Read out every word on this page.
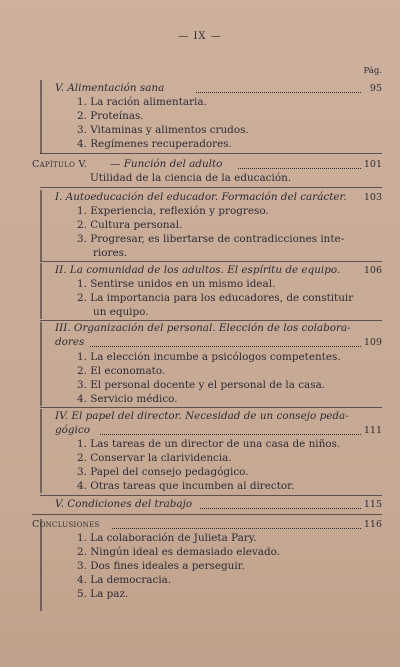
— IX —
Pág.
V. Alimentación sana	95
1. La ración alimentaria.
2. Proteínas.
3. Vitaminas y alimentos crudos.
4. Regímenes recuperadores.
Capítulo V. — Función del adulto	101
Utilidad de la ciencia de la educación.
I. Autoeducación del educador. Formación del carácter. 103
1. Experiencia, reflexión y progreso.
2. Cultura personal.
3. Progresar, es libertarse de contradicciones inte-
riores.
II. La comunidad de los adultos. El espíritu de equipo. 106
1. Sentirse unidos en un mismo ideal.
2. La importancia para los educadores, de constituir
un equipo.
III. Organización del personal. Elección de los colabora-
dores	109
1. La elección incumbe a psicólogos competentes.
2. El economato.
3. El personal docente y el personal de la casa.
4. Servicio médico.
IV. El papel del director. Necesidad de un consejo peda-
gógico	111
1. Las tareas de un director de una casa de niños.
2. Conservar la clarividencia.
3. Papel del consejo pedagógico.
4. Otras tareas que incumben al director.
V. Condiciones del trabajo	115
Conclusiones	116
1. La colaboración de Julieta Pary.
2. Ningún ideal es demasiado elevado.
3. Dos fines ideales a perseguir.
4. La democracia.
5. La paz.
